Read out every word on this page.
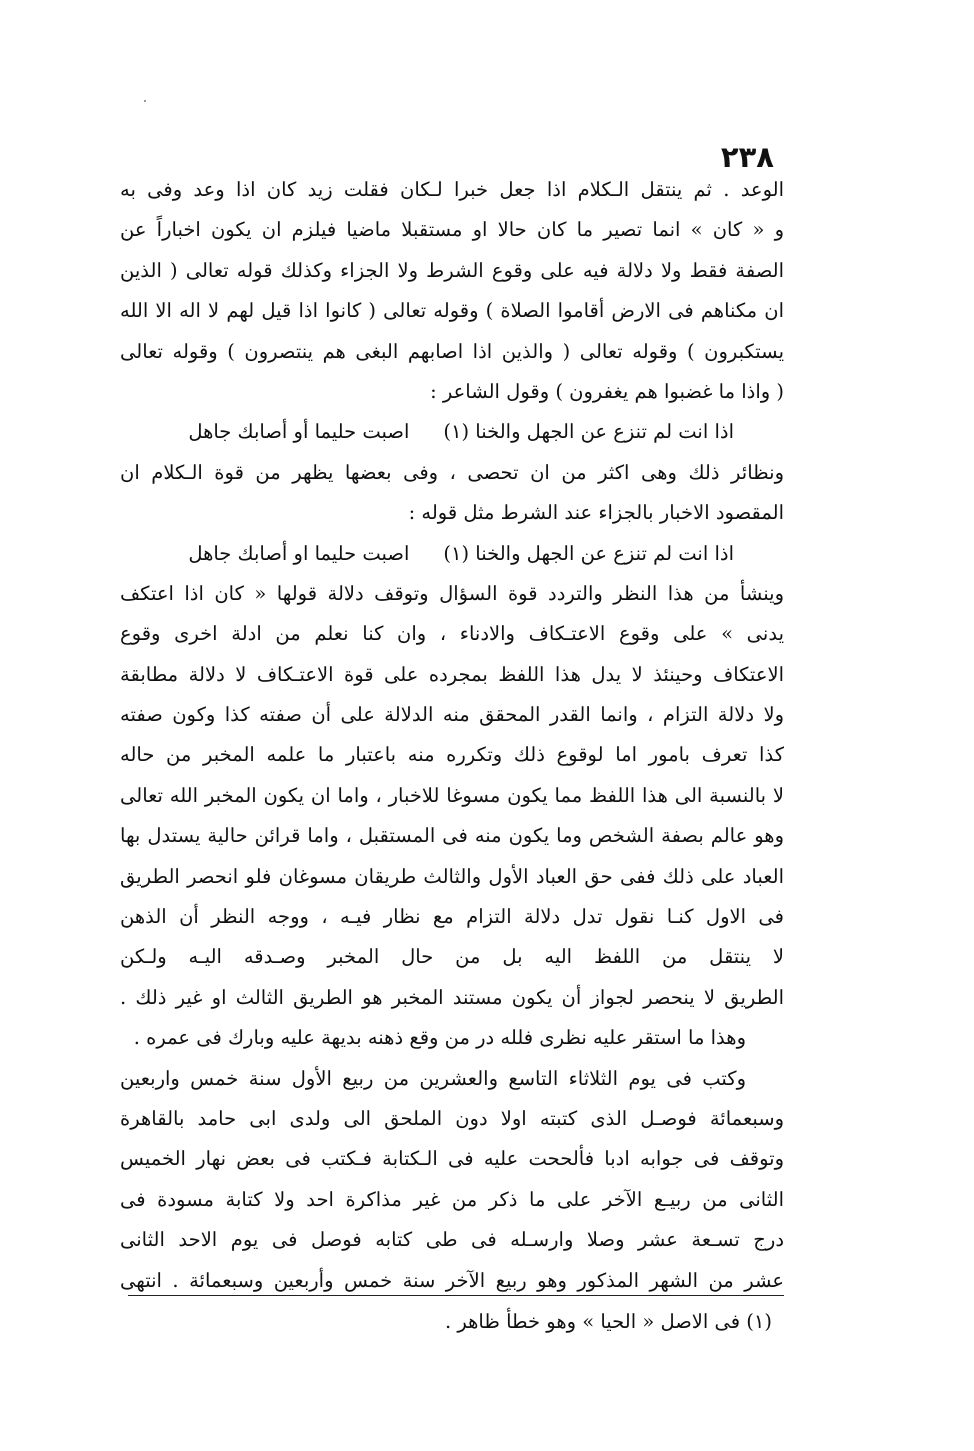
٢٣٨
الوعد . ثم ينتقل الـكلام اذا جعل خبرا لـكان فقلت زيد كان اذا وعد وفى به
و « كان » انما تصير ما كان حالا او مستقبلا ماضيا فيلزم ان يكون اخباراً عن
الصفة فقط ولا دلالة فيه على وقوع الشرط ولا الجزاء وكذلك قوله تعالى ( الذين
ان مكناهم فى الارض أقاموا الصلاة ) وقوله تعالى ( كانوا اذا قيل لهم لا اله الا الله
يستكبرون ) وقوله تعالى ( والذين اذا اصابهم البغى هم ينتصرون ) وقوله تعالى
( واذا ما غضبوا هم يغفرون ) وقول الشاعر :
اذا انت لم تنزع عن الجهل والخنا (١)
اصبت حليما أو أصابك جاهل
ونظائر ذلك وهى اكثر من ان تحصى ، وفى بعضها يظهر من قوة الـكلام ان
المقصود الاخبار بالجزاء عند الشرط مثل قوله :
اذا انت لم تنزع عن الجهل والخنا (١)
اصبت حليما او أصابك جاهل
وينشأ من هذا النظر والتردد قوة السؤال وتوقف دلالة قولها « كان اذا اعتكف
يدنى » على وقوع الاعتـكاف والادناء ، وان كنا نعلم من ادلة اخرى وقوع
الاعتكاف وحينئذ لا يدل هذا اللفظ بمجرده على قوة الاعتـكاف لا دلالة مطابقة
ولا دلالة التزام ، وانما القدر المحقق منه الدلالة على أن صفته كذا وكون صفته
كذا تعرف بامور اما لوقوع ذلك وتكرره منه باعتبار ما علمه المخبر من حاله
لا بالنسبة الى هذا اللفظ مما يكون مسوغا للاخبار ، واما ان يكون المخبر الله تعالى
وهو عالم بصفة الشخص وما يكون منه فى المستقبل ، واما قرائن حالية يستدل بها
العباد على ذلك ففى حق العباد الأول والثالث طريقان مسوغان فلو انحصر الطريق
فى الاول كنـا نقول تدل دلالة التزام مع نظار فيـه ، ووجه النظر أن الذهن
لا ينتقل من اللفظ اليه بل من حال المخبر وصـدقه اليـه ولـكن
الطريق لا ينحصر لجواز أن يكون مستند المخبر هو الطريق الثالث او غير ذلك .
وهذا ما استقر عليه نظرى فلله در من وقع ذهنه بديهة عليه وبارك فى عمره .
وكتب فى يوم الثلاثاء التاسع والعشرين من ربيع الأول سنة خمس واربعين
وسبعمائة فوصـل الذى كتبته اولا دون الملحق الى ولدى ابى حامد بالقاهرة
وتوقف فى جوابه ادبا فألححت عليه فى الـكتابة فـكتب فى بعض نهار الخميس
الثانى من ربيـع الآخر على ما ذكر من غير مذاكرة احد ولا كتابة مسودة فى
درج تسـعة عشر وصلا وارسـله فى طى كتابه فوصل فى يوم الاحد الثانى
عشر من الشهر المذكور وهو ربيع الآخر سنة خمس وأربعين وسبعمائة . انتهى
(١) فى الاصل « الحيا » وهو خطأ ظاهر .
